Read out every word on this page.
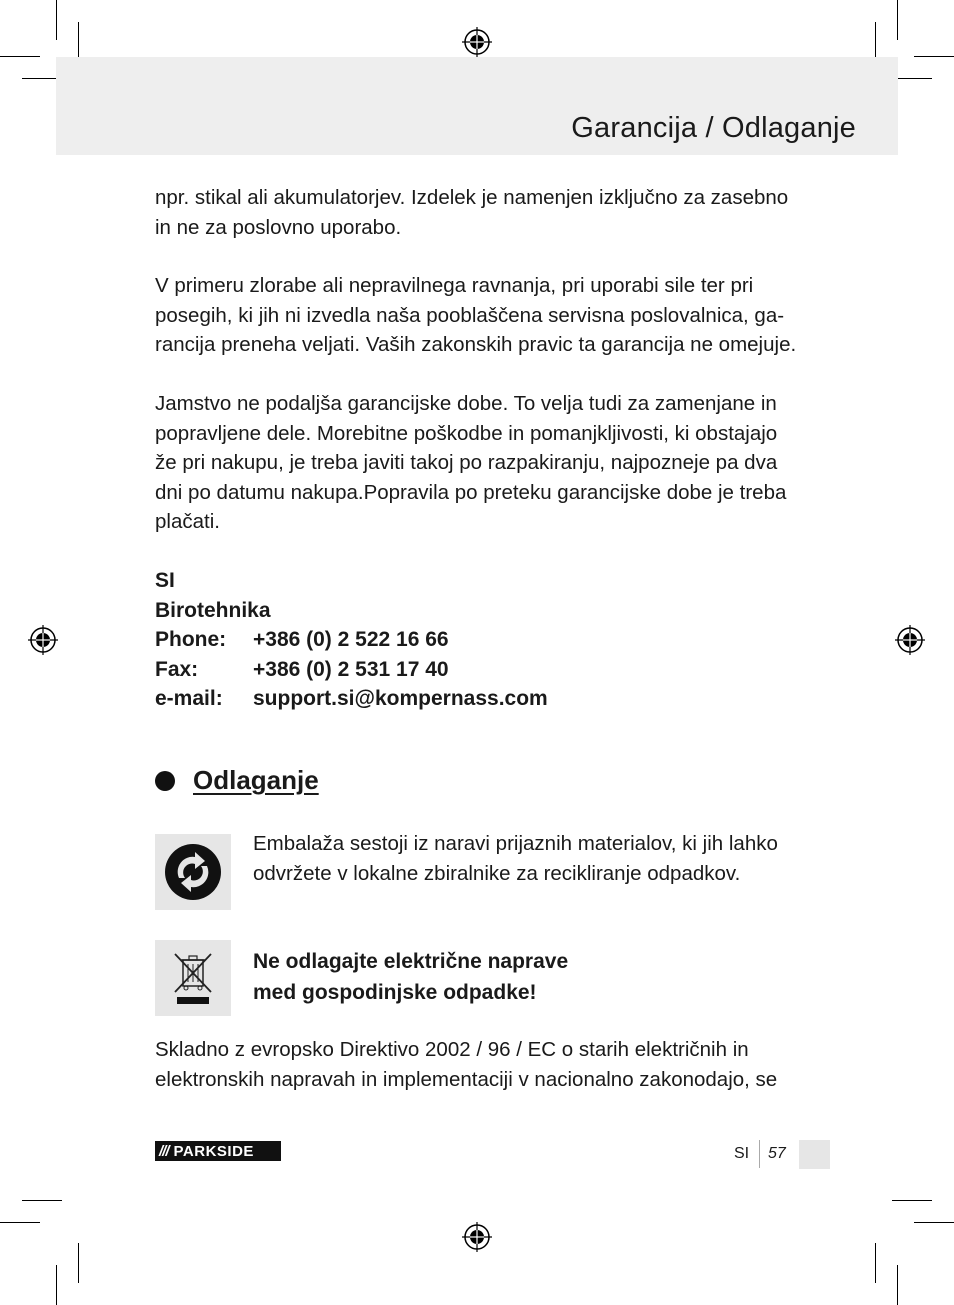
Garancija / Odlaganje

npr. stikal ali akumulatorjev. Izdelek je namenjen izključno za zasebno
in ne za poslovno uporabo.

V primeru zlorabe ali nepravilnega ravnanja, pri uporabi sile ter pri
posegih, ki jih ni izvedla naša pooblaščena servisna poslovalnica, ga-
rancija preneha veljati. Vaših zakonskih pravic ta garancija ne omejuje.

Jamstvo ne podaljša garancijske dobe. To velja tudi za zamenjane in
popravljene dele. Morebitne poškodbe in pomanjkljivosti, ki obstajajo
že pri nakupu, je treba javiti takoj po razpakiranju, najpozneje pa dva
dni po datumu nakupa.Popravila po preteku garancijske dobe je treba
plačati.

SI
Birotehnika
Phone:	+386 (0) 2 522 16 66
Fax:	+386 (0) 2 531 17 40
e-mail:	support.si@kompernass.com
Odlaganje
Embalaža sestoji iz naravi prijaznih materialov, ki jih lahko
odvržete v lokalne zbiralnike za recikliranje odpadkov.
Ne odlagajte električne naprave
med gospodinjske odpadke!

Skladno z evropsko Direktivo 2002 / 96 / EC o starih električnih in
elektronskih napravah in implementaciji v nacionalno zakonodajo, se

/// PARKSIDE	SI 57
